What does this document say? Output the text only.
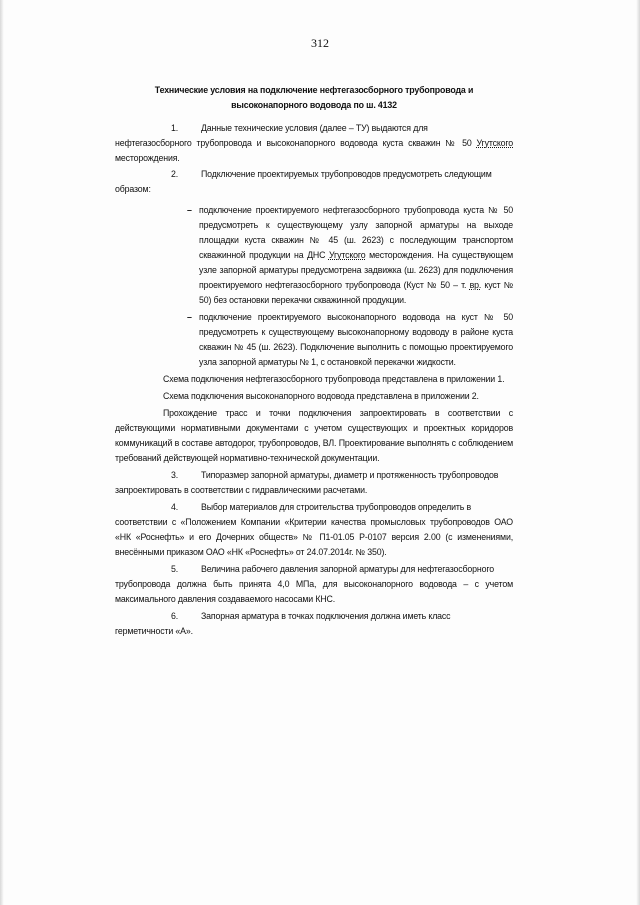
312
Технические условия на подключение нефтегазосборного трубопровода и
высоконапорного водовода по ш. 4132

1.	Данные технические условия (далее – ТУ) выдаются для

нефтегазосборного трубопровода и высоконапорного водовода куста скважин № 50 Угутского месторождения.

2.	Подключение проектируемых трубопроводов предусмотреть следующим

образом:

– подключение проектируемого нефтегазосборного трубопровода куста № 50 предусмотреть к существующему узлу запорной арматуры на выходе площадки куста скважин № 45 (ш. 2623) с последующим транспортом скважинной продукции на ДНС Угутского месторождения. На существующем узле запорной арматуры предусмотрена задвижка (ш. 2623) для подключения проектируемого нефтегазосборного трубопровода (Куст № 50 – т. вр. куст № 50) без остановки перекачки скважинной продукции.
– подключение проектируемого высоконапорного водовода на куст № 50 предусмотреть к существующему высоконапорному водоводу в районе куста скважин № 45 (ш. 2623). Подключение выполнить с помощью проектируемого узла запорной арматуры № 1, с остановкой перекачки жидкости.

Схема подключения нефтегазосборного трубопровода представлена в приложении 1.

Схема подключения высоконапорного водовода представлена в приложении 2.

Прохождение трасс и точки подключения запроектировать в соответствии с действующими нормативными документами с учетом существующих и проектных коридоров коммуникаций в составе автодорог, трубопроводов, ВЛ. Проектирование выполнять с соблюдением требований действующей нормативно-технической документации.

3.	Типоразмер запорной арматуры, диаметр и протяженность трубопроводов

запроектировать в соответствии с гидравлическими расчетами.

4.	Выбор материалов для строительства трубопроводов определить в

соответствии с «Положением Компании «Критерии качества промысловых трубопроводов ОАО «НК «Роснефть» и его Дочерних обществ» № П1-01.05 Р-0107 версия 2.00 (с изменениями, внесёнными приказом ОАО «НК «Роснефть» от 24.07.2014г. № 350).

5.	Величина рабочего давления запорной арматуры для нефтегазосборного

трубопровода должна быть принята 4,0 МПа, для высоконапорного водовода – с учетом максимального давления создаваемого насосами КНС.

6.	Запорная арматура в точках подключения должна иметь класс

герметичности «А».
